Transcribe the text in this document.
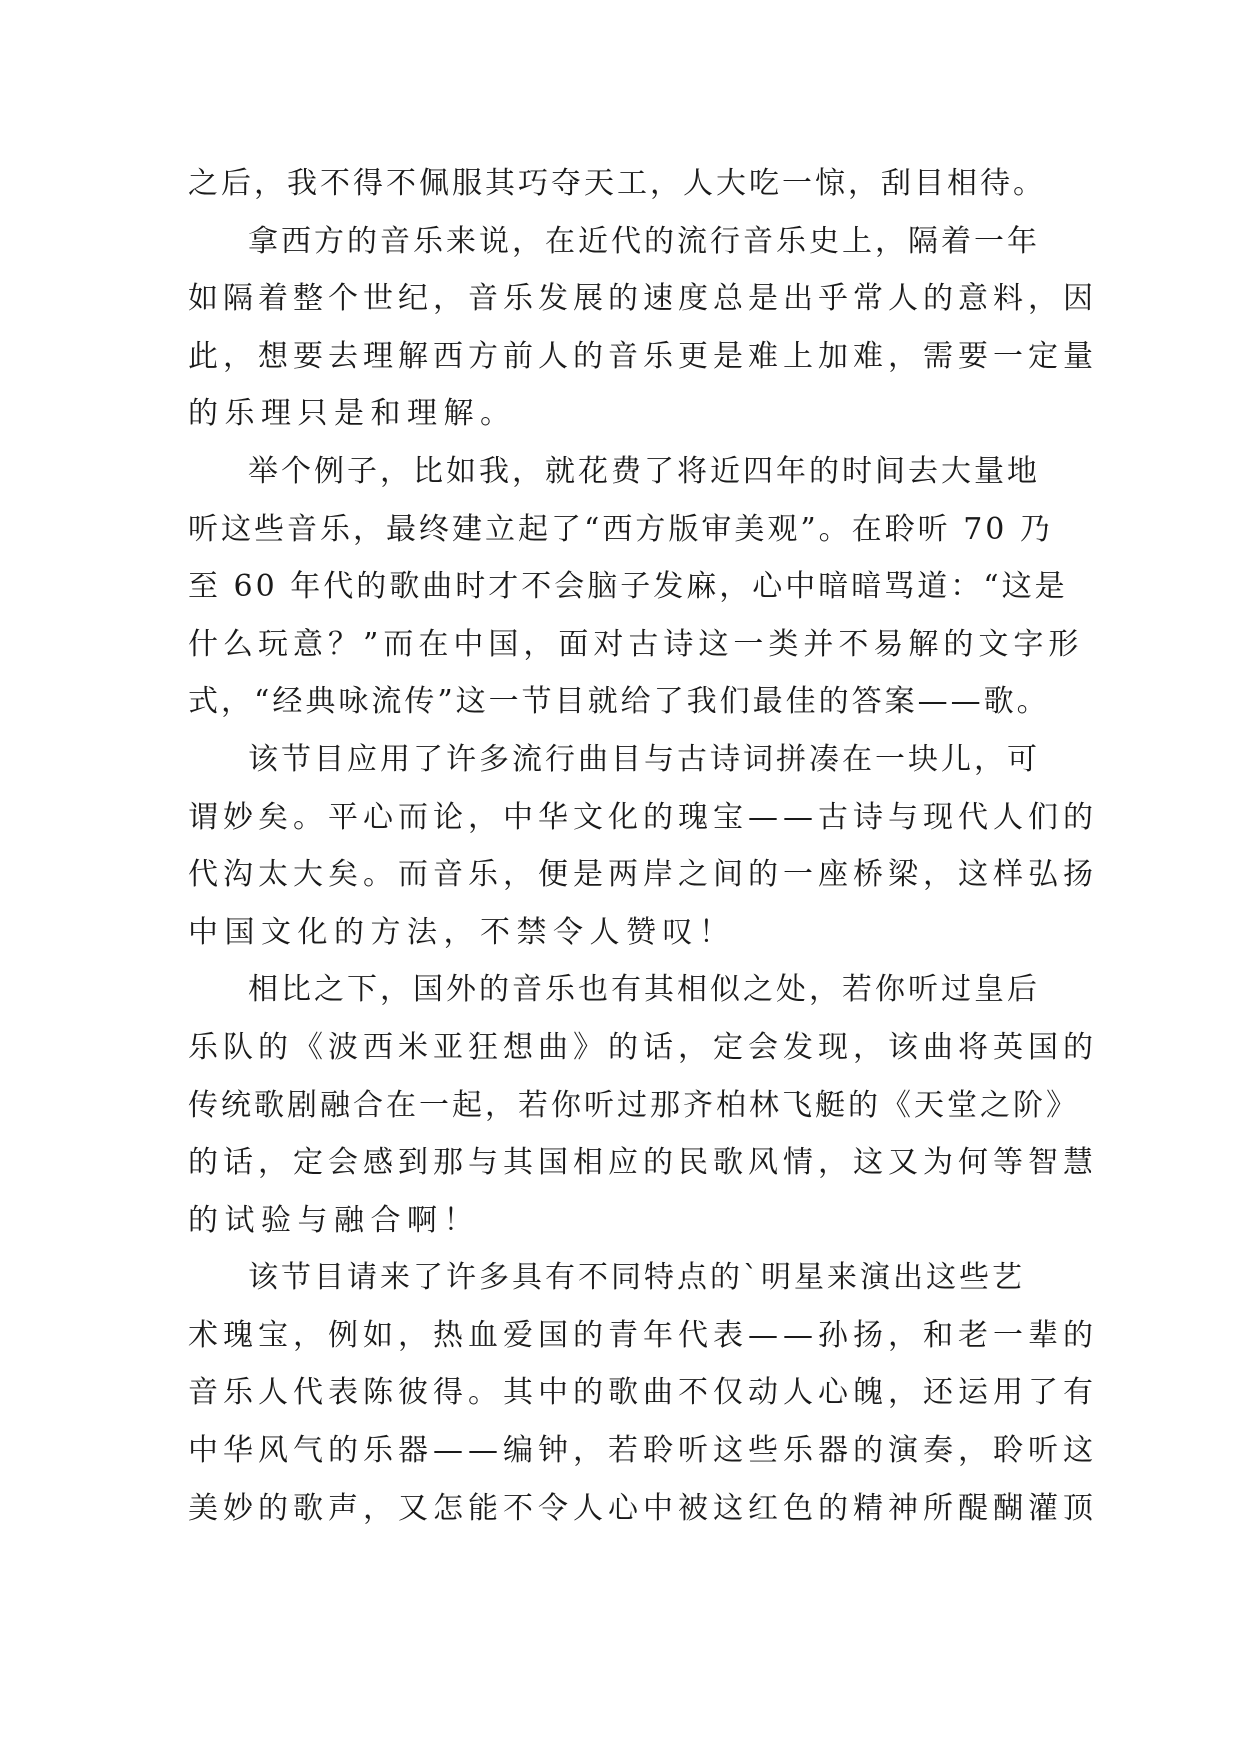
之后，我不得不佩服其巧夺天工，人大吃一惊，刮目相待。
拿西方的音乐来说，在近代的流行音乐史上，隔着一年
如隔着整个世纪，音乐发展的速度总是出乎常人的意料，因
此，想要去理解西方前人的音乐更是难上加难，需要一定量
的乐理只是和理解。
举个例子，比如我，就花费了将近四年的时间去大量地
听这些音乐，最终建立起了“西方版审美观”。在聆听 70 乃
至 60 年代的歌曲时才不会脑子发麻，心中暗暗骂道：“这是
什么玩意？”而在中国，面对古诗这一类并不易解的文字形
式，“经典咏流传”这一节目就给了我们最佳的答案——歌。
该节目应用了许多流行曲目与古诗词拼凑在一块儿，可
谓妙矣。平心而论，中华文化的瑰宝——古诗与现代人们的
代沟太大矣。而音乐，便是两岸之间的一座桥梁，这样弘扬
中国文化的方法，不禁令人赞叹！
相比之下，国外的音乐也有其相似之处，若你听过皇后
乐队的《波西米亚狂想曲》的话，定会发现，该曲将英国的
传统歌剧融合在一起，若你听过那齐柏林飞艇的《天堂之阶》
的话，定会感到那与其国相应的民歌风情，这又为何等智慧
的试验与融合啊！
该节目请来了许多具有不同特点的`明星来演出这些艺
术瑰宝，例如，热血爱国的青年代表——孙扬，和老一辈的
音乐人代表陈彼得。其中的歌曲不仅动人心魄，还运用了有
中华风气的乐器——编钟，若聆听这些乐器的演奏，聆听这
美妙的歌声，又怎能不令人心中被这红色的精神所醍醐灌顶
